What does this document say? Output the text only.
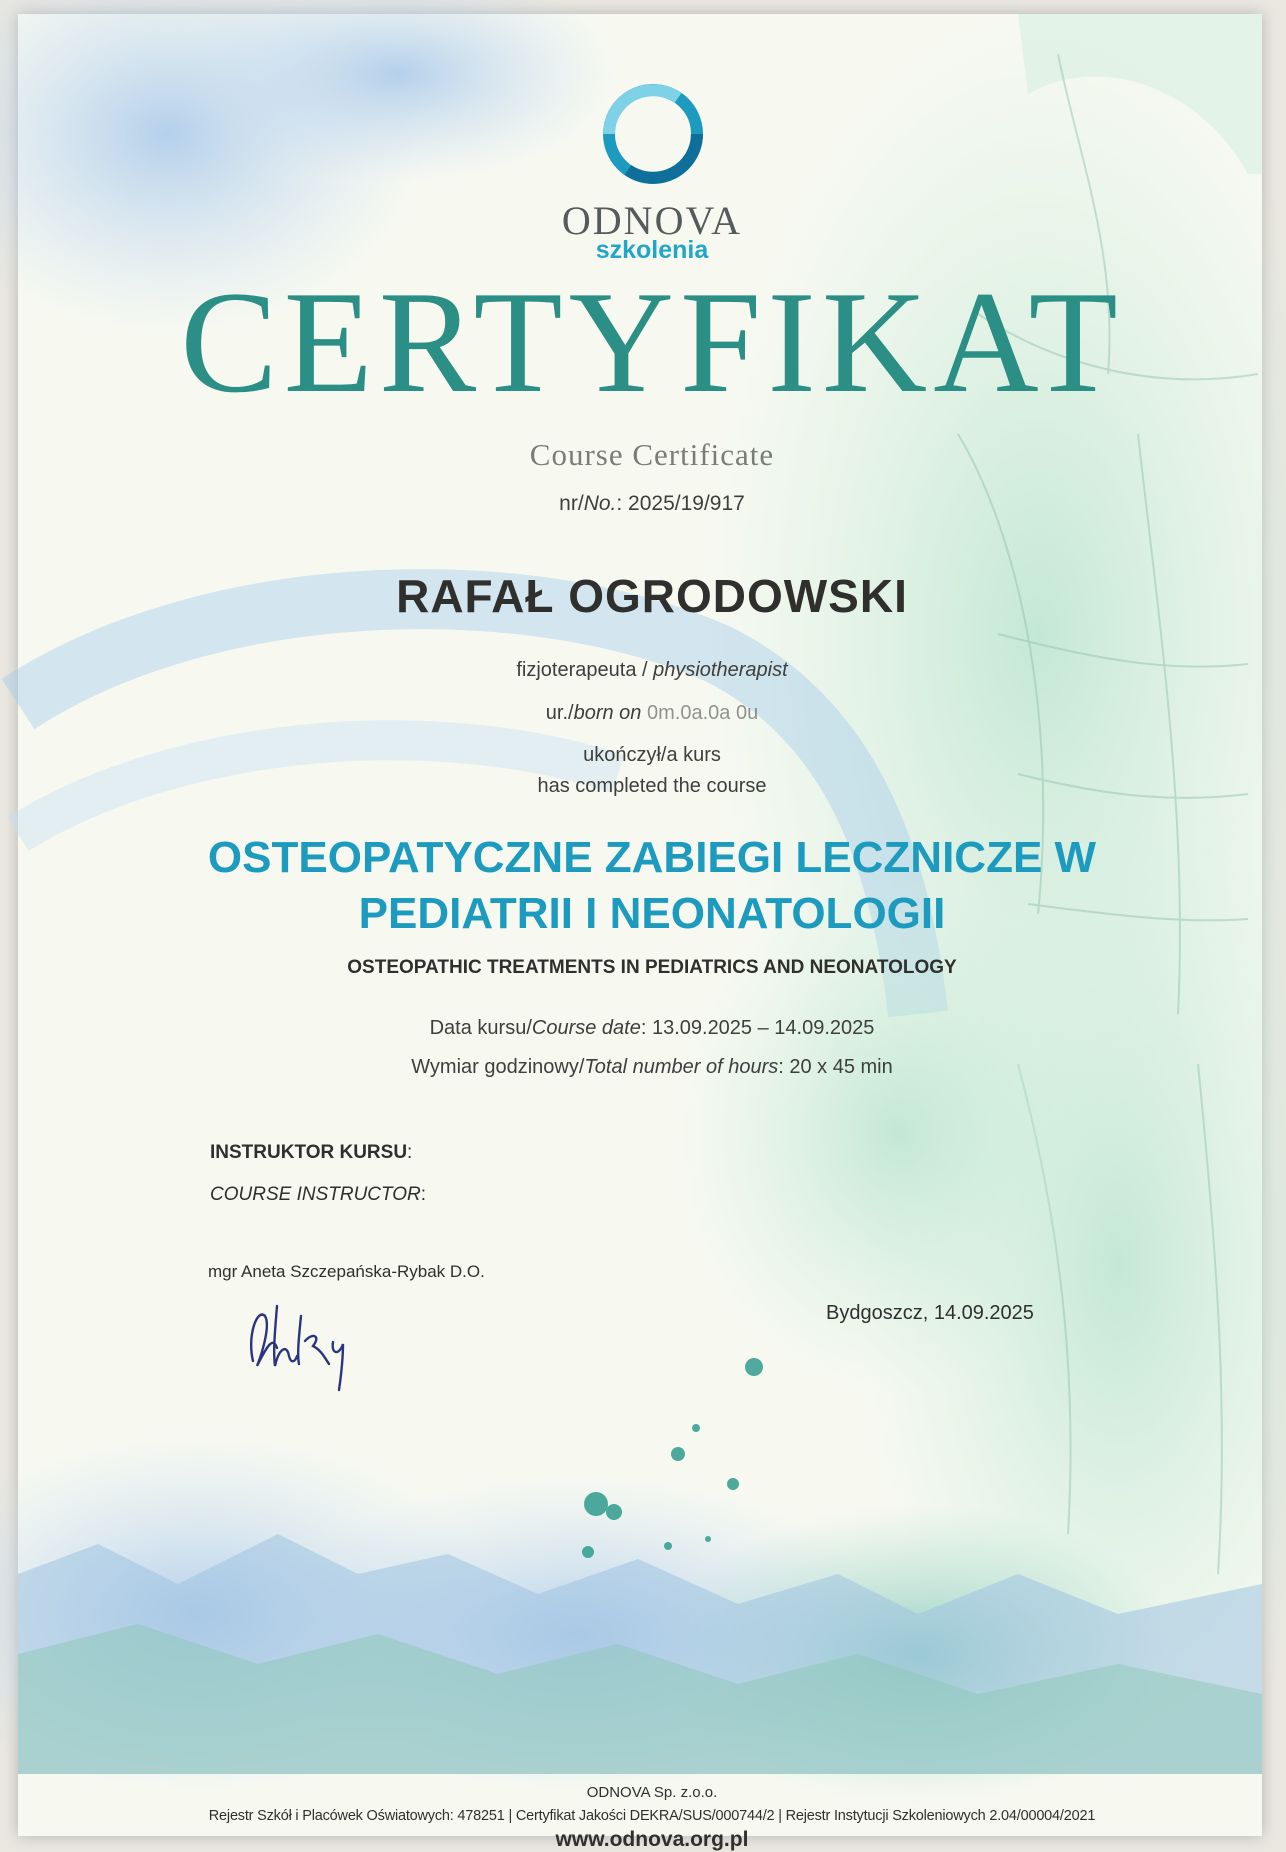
ODNOVA
szkolenia
CERTYFIKAT
Course Certificate
nr/No.: 2025/19/917
RAFAŁ OGRODOWSKI
fizjoterapeuta / physiotherapist
ur./born on 0m.0a.0a 0u
ukończył/a kurs
has completed the course
OSTEOPATYCZNE ZABIEGI LECZNICZE W
PEDIATRII I NEONATOLOGII
OSTEOPATHIC TREATMENTS IN PEDIATRICS AND NEONATOLOGY
Data kursu/Course date: 13.09.2025 – 14.09.2025
Wymiar godzinowy/Total number of hours: 20 x 45 min
INSTRUKTOR KURSU:
COURSE INSTRUCTOR:
mgr Aneta Szczepańska-Rybak D.O.
Bydgoszcz, 14.09.2025
ODNOVA Sp. z.o.o.
Rejestr Szkół i Placówek Oświatowych: 478251 | Certyfikat Jakości DEKRA/SUS/000744/2 | Rejestr Instytucji Szkoleniowych 2.04/00004/2021
www.odnova.org.pl
